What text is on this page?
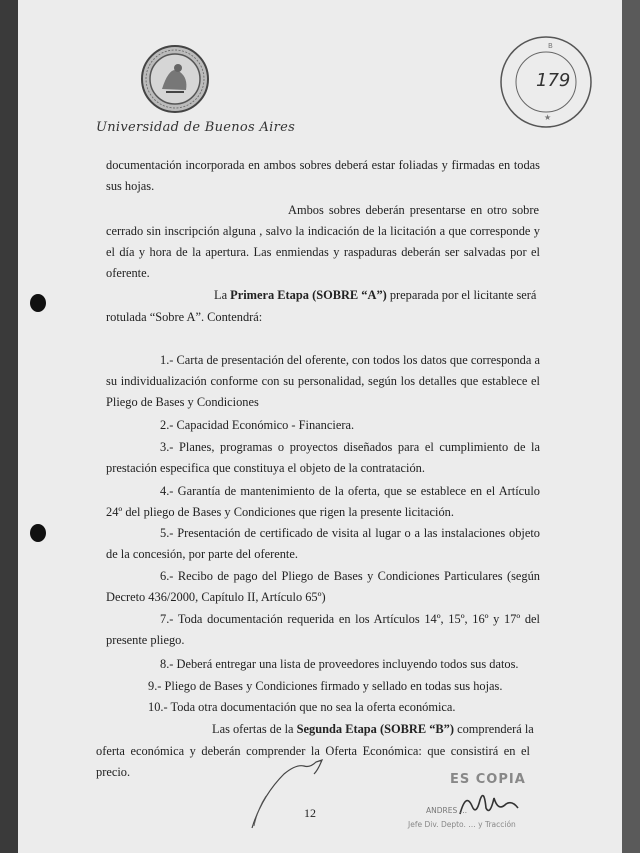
Universidad de Buenos Aires
B
★
179
documentación incorporada en ambos sobres deberá estar foliadas y firmadas en todas
sus hojas.
Ambos sobres deberán presentarse en otro sobre
cerrado sin inscripción alguna , salvo la indicación de la licitación a que corresponde y
el día y hora de la apertura. Las enmiendas y raspaduras deberán ser salvadas por el
oferente.
La Primera Etapa (SOBRE “A”) preparada por el licitante será
rotulada “Sobre A”. Contendrá:
1.- Carta de presentación del oferente, con todos los datos que corresponda a
su individualización conforme con su personalidad, según los detalles que establece el
Pliego de Bases y Condiciones
2.- Capacidad Económico - Financiera.
3.- Planes, programas o proyectos diseñados para el cumplimiento de la
prestación especifica que constituya el objeto de la contratación.
4.- Garantía de mantenimiento de la oferta, que se establece en el Artículo
24º del pliego de Bases y Condiciones que rigen la presente licitación.
5.- Presentación de certificado de visita al lugar o a las instalaciones objeto
de la concesión, por parte del oferente.
6.- Recibo de pago del Pliego de Bases y Condiciones Particulares (según
Decreto 436/2000, Capítulo II, Artículo 65º)
7.- Toda documentación requerida en los Artículos 14º, 15º, 16º y 17º del
presente pliego.
8.- Deberá entregar una lista de proveedores incluyendo todos sus datos.
9.- Pliego de Bases y Condiciones firmado y sellado en todas sus hojas.
10.- Toda otra documentación que no sea la oferta económica.
Las ofertas de la Segunda Etapa (SOBRE “B”) comprenderá la
oferta económica y deberán comprender la Oferta Económica: que consistirá en el
precio.
12
ES COPIA
ANDRES …
Jefe Div. Depto. … y Tracción
